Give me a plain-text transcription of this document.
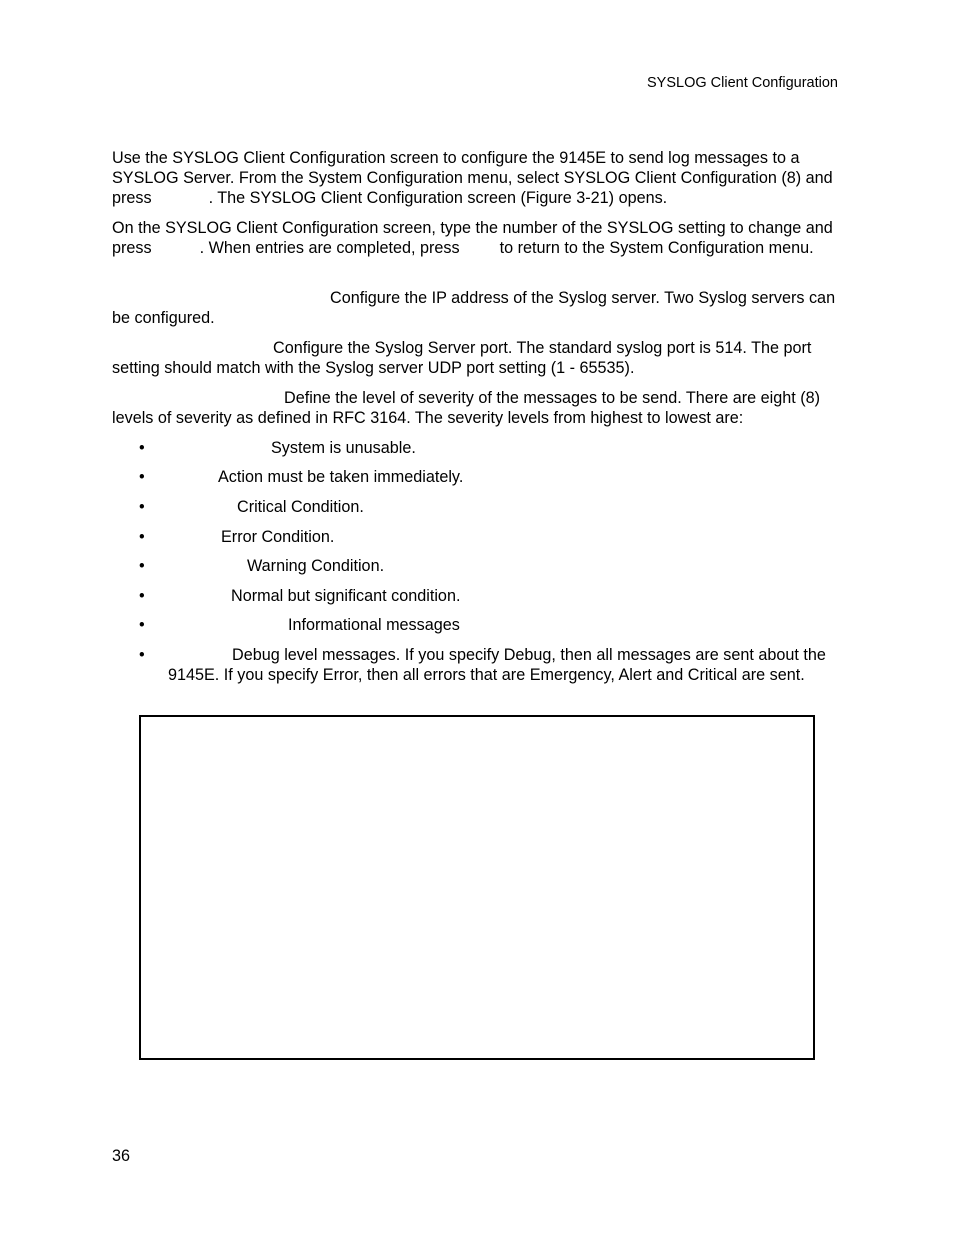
SYSLOG Client Configuration
Use the SYSLOG Client Configuration screen to configure the 9145E to send log messages to a SYSLOG Server. From the System Configuration menu, select SYSLOG Client Configuration (8) and press	. The SYSLOG Client Configuration screen (Figure 3-21) opens.
On the SYSLOG Client Configuration screen, type the number of the SYSLOG setting to change and press	. When entries are completed, press to return to the System Configuration menu.
Configure the IP address of the Syslog server. Two Syslog servers can be configured.
Configure the Syslog Server port. The standard syslog port is 514. The port setting should match with the Syslog server UDP port setting (1 - 65535).
Define the level of severity of the messages to be send. There are eight (8) levels of severity as defined in RFC 3164. The severity levels from highest to lowest are:
•	System is unusable.
•	Action must be taken immediately.
•	Critical Condition.
•	Error Condition.
•	Warning Condition.
•	Normal but significant condition.
•	Informational messages
•	Debug level messages. If you specify Debug, then all messages are sent about the 9145E. If you specify Error, then all errors that are Emergency, Alert and Critical are sent.
36
